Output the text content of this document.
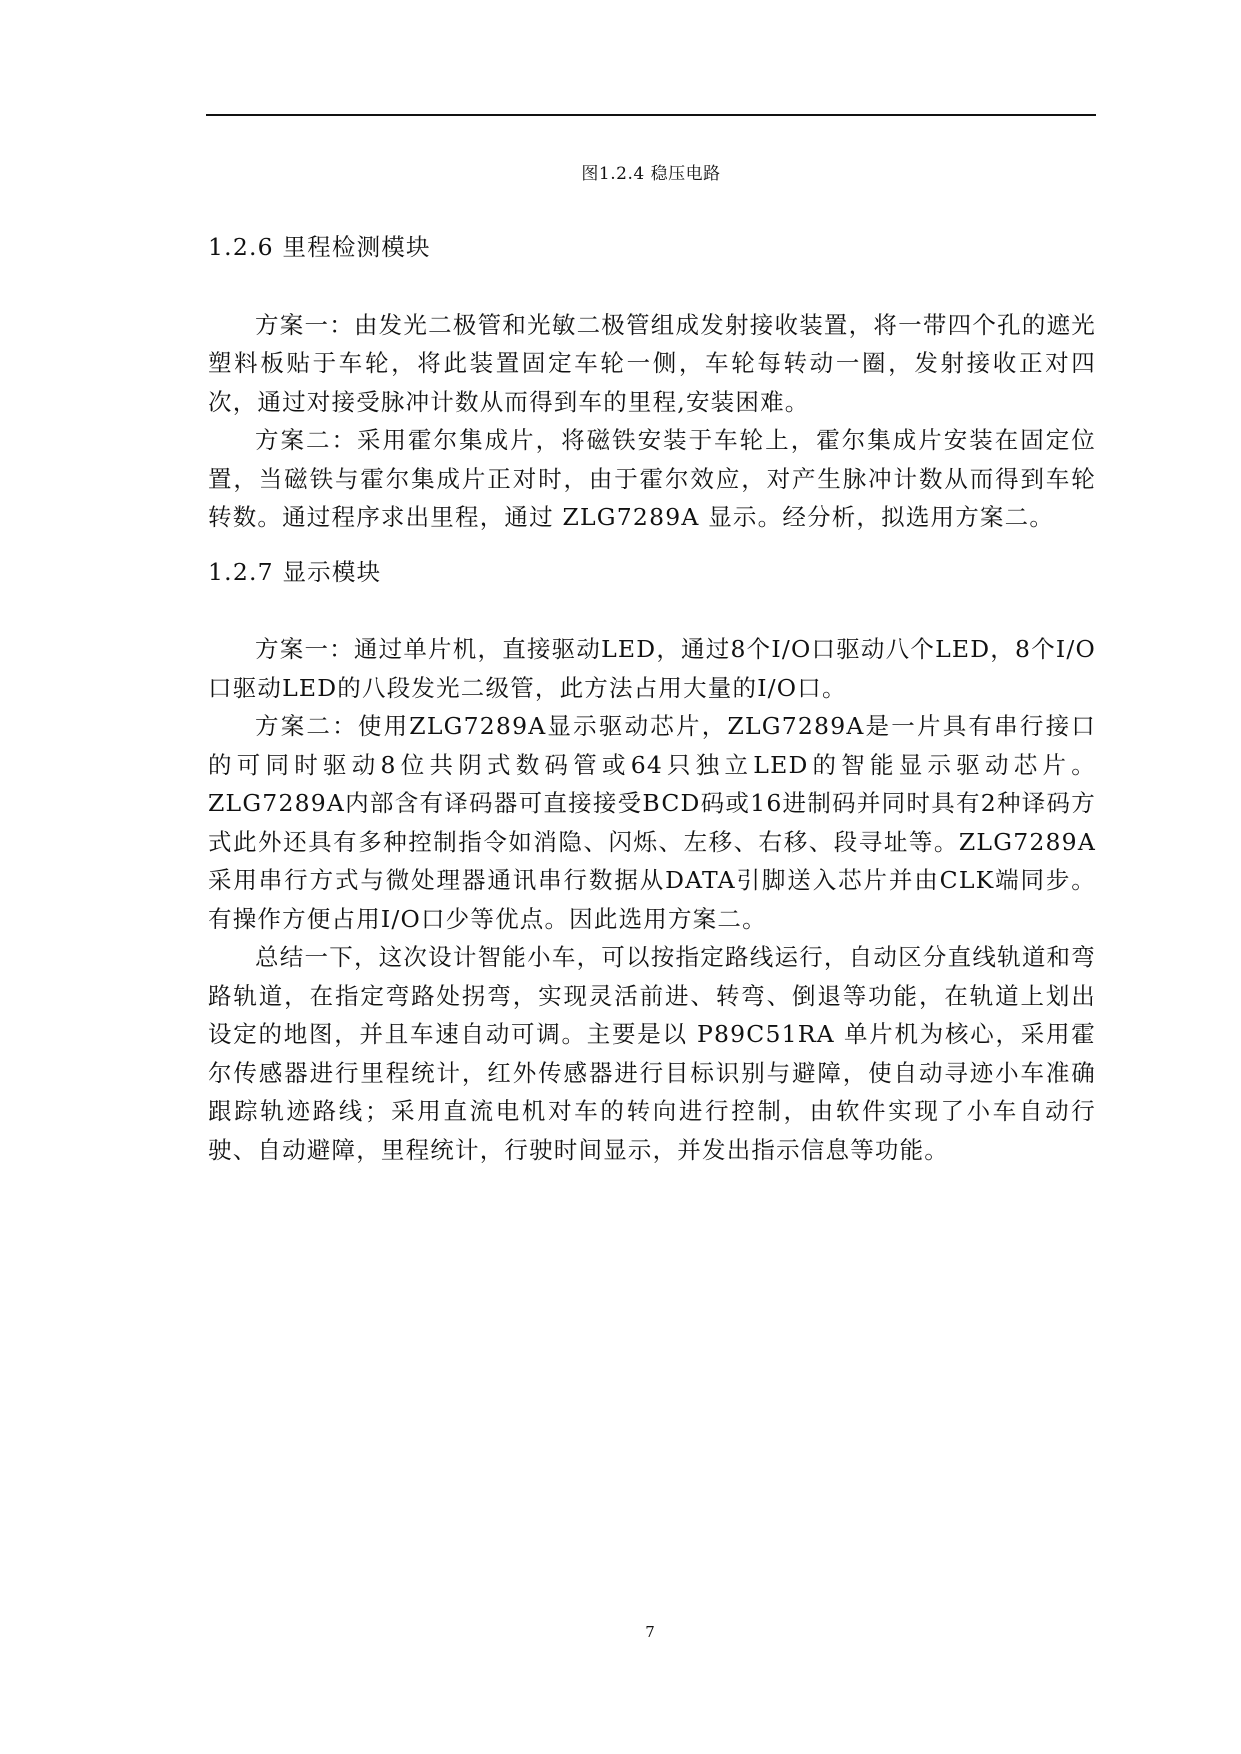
图1.2.4 稳压电路
1.2.6 里程检测模块

方案一：由发光二极管和光敏二极管组成发射接收装置，将一带四个孔的遮光塑料板贴于车轮，将此装置固定车轮一侧，车轮每转动一圈，发射接收正对四次，通过对接受脉冲计数从而得到车的里程,安装困难。

方案二：采用霍尔集成片，将磁铁安装于车轮上，霍尔集成片安装在固定位置，当磁铁与霍尔集成片正对时，由于霍尔效应，对产生脉冲计数从而得到车轮转数。通过程序求出里程，通过 ZLG7289A 显示。经分析，拟选用方案二。

1.2.7 显示模块

方案一：通过单片机，直接驱动LED，通过8个I/O口驱动八个LED，8个I/O口驱动LED的八段发光二级管，此方法占用大量的I/O口。

方案二：使用ZLG7289A显示驱动芯片，ZLG7289A是一片具有串行接口的可同时驱动8位共阴式数码管或64只独立LED的智能显示驱动芯片。ZLG7289A内部含有译码器可直接接受BCD码或16进制码并同时具有2种译码方式此外还具有多种控制指令如消隐、闪烁、左移、右移、段寻址等。ZLG7289A采用串行方式与微处理器通讯串行数据从DATA引脚送入芯片并由CLK端同步。有操作方便占用I/O口少等优点。因此选用方案二。

总结一下，这次设计智能小车，可以按指定路线运行，自动区分直线轨道和弯路轨道，在指定弯路处拐弯，实现灵活前进、转弯、倒退等功能，在轨道上划出设定的地图，并且车速自动可调。主要是以 P89C51RA 单片机为核心，采用霍尔传感器进行里程统计，红外传感器进行目标识别与避障，使自动寻迹小车准确跟踪轨迹路线；采用直流电机对车的转向进行控制，由软件实现了小车自动行驶、自动避障，里程统计，行驶时间显示，并发出指示信息等功能。

7
